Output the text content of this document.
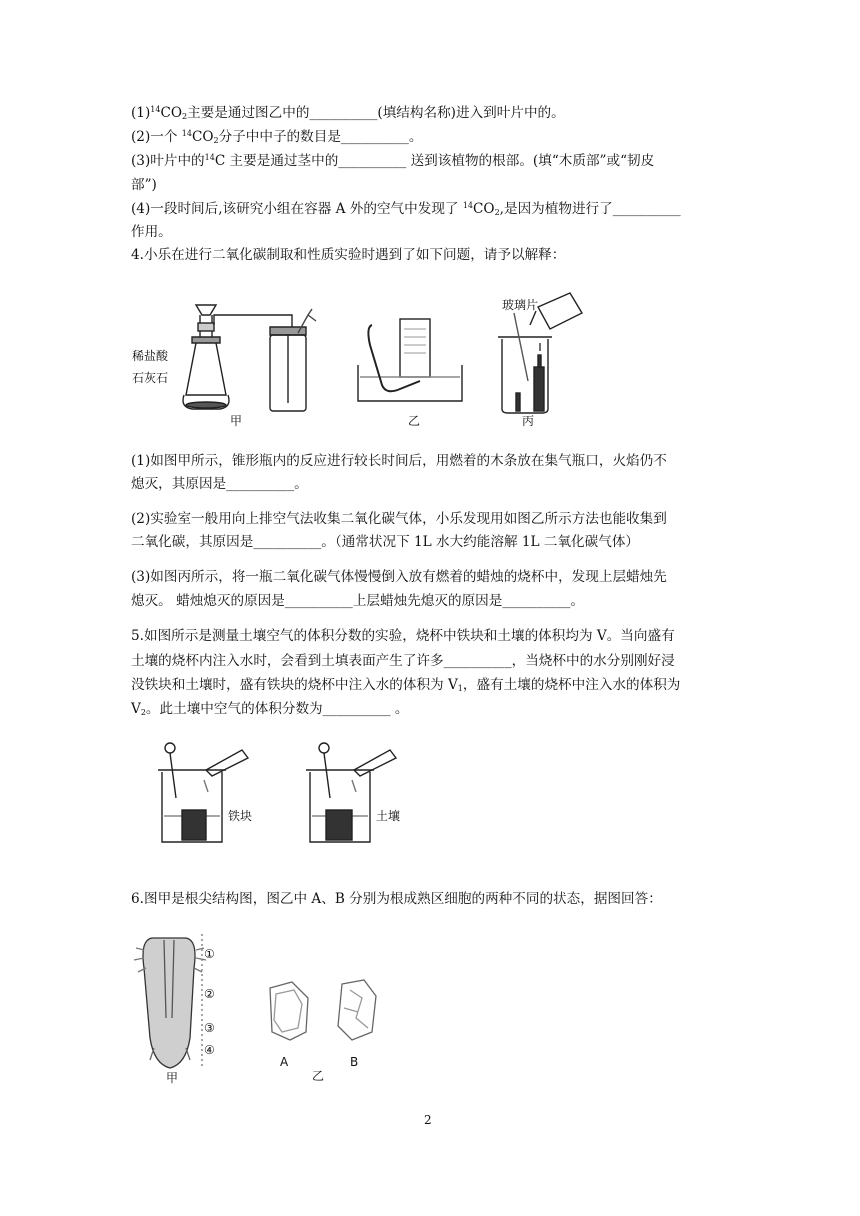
$(1)^{14}CO_2$主要是通过图乙中的__________(填结构名称)进入到叶片中的。
(2)一个 $^{14}CO_2$分子中中子的数目是__________。
(3)叶片中的$^{14}$C 主要是通过茎中的__________ 送到该植物的根部。(填“木质部”或“韧皮
部”)
(4)一段时间后,该研究小组在容器 A 外的空气中发现了 $^{14}CO_2$,是因为植物进行了__________
作用。
4.小乐在进行二氧化碳制取和性质实验时遇到了如下问题，请予以解释：
稀盐酸
石灰石
甲	乙
玻璃片
丙
(1)如图甲所示，锥形瓶内的反应进行较长时间后，用燃着的木条放在集气瓶口，火焰仍不
熄灭，其原因是__________。
(2)实验室一般用向上排空气法收集二氧化碳气体，小乐发现用如图乙所示方法也能收集到
二氧化碳，其原因是__________。（通常状况下 1L 水大约能溶解 1L 二氧化碳气体）
(3)如图丙所示，将一瓶二氧化碳气体慢慢倒入放有燃着的蜡烛的烧杯中，发现上层蜡烛先
熄灭。 蜡烛熄灭的原因是__________上层蜡烛先熄灭的原因是__________。
5.如图所示是测量土壤空气的体积分数的实验，烧杯中铁块和土壤的体积均为 V。当向盛有
土壤的烧杯内注入水时，会看到土填表面产生了许多__________，当烧杯中的水分别刚好浸
没铁块和土壤时，盛有铁块的烧杯中注入水的体积为 $V_1$，盛有土壤的烧杯中注入水的体积为
$V_2$。此土壤中空气的体积分数为__________ 。
铁块	土壤
6.图甲是根尖结构图，图乙中 A、B 分别为根成熟区细胞的两种不同的状态，据图回答：
①
②
③
④
甲
A	B
乙
2
